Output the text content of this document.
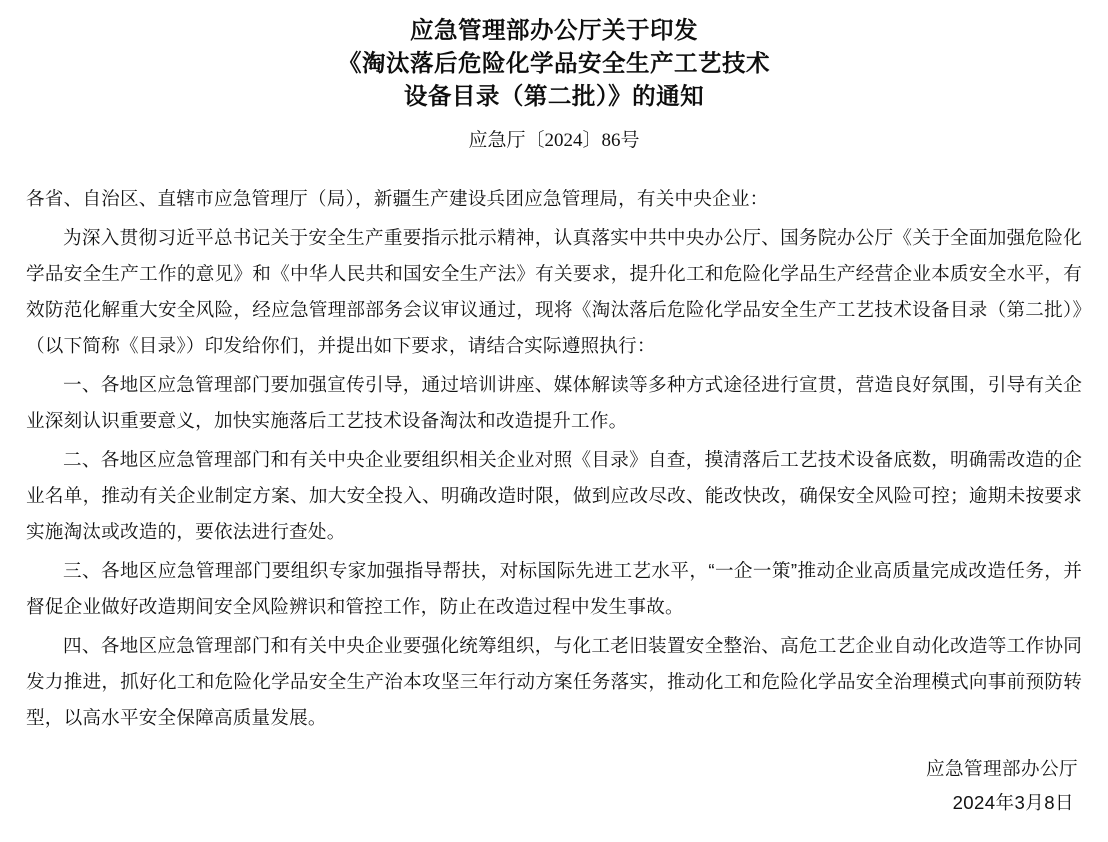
应急管理部办公厅关于印发
《淘汰落后危险化学品安全生产工艺技术
设备目录（第二批）》的通知
应急厅〔2024〕86号

各省、自治区、直辖市应急管理厅（局），新疆生产建设兵团应急管理局，有关中央企业：

为深入贯彻习近平总书记关于安全生产重要指示批示精神，认真落实中共中央办公厅、国务院办公厅《关于全面加强危险化学品安全生产工作的意见》和《中华人民共和国安全生产法》有关要求，提升化工和危险化学品生产经营企业本质安全水平，有效防范化解重大安全风险，经应急管理部部务会议审议通过，现将《淘汰落后危险化学品安全生产工艺技术设备目录（第二批）》（以下简称《目录》）印发给你们，并提出如下要求，请结合实际遵照执行：

一、各地区应急管理部门要加强宣传引导，通过培训讲座、媒体解读等多种方式途径进行宣贯，营造良好氛围，引导有关企业深刻认识重要意义，加快实施落后工艺技术设备淘汰和改造提升工作。

二、各地区应急管理部门和有关中央企业要组织相关企业对照《目录》自查，摸清落后工艺技术设备底数，明确需改造的企业名单，推动有关企业制定方案、加大安全投入、明确改造时限，做到应改尽改、能改快改，确保安全风险可控；逾期未按要求实施淘汰或改造的，要依法进行查处。

三、各地区应急管理部门要组织专家加强指导帮扶，对标国际先进工艺水平，“一企一策”推动企业高质量完成改造任务，并督促企业做好改造期间安全风险辨识和管控工作，防止在改造过程中发生事故。

四、各地区应急管理部门和有关中央企业要强化统筹组织，与化工老旧装置安全整治、高危工艺企业自动化改造等工作协同发力推进，抓好化工和危险化学品安全生产治本攻坚三年行动方案任务落实，推动化工和危险化学品安全治理模式向事前预防转型，以高水平安全保障高质量发展。

应急管理部办公厅
2024年3月8日
